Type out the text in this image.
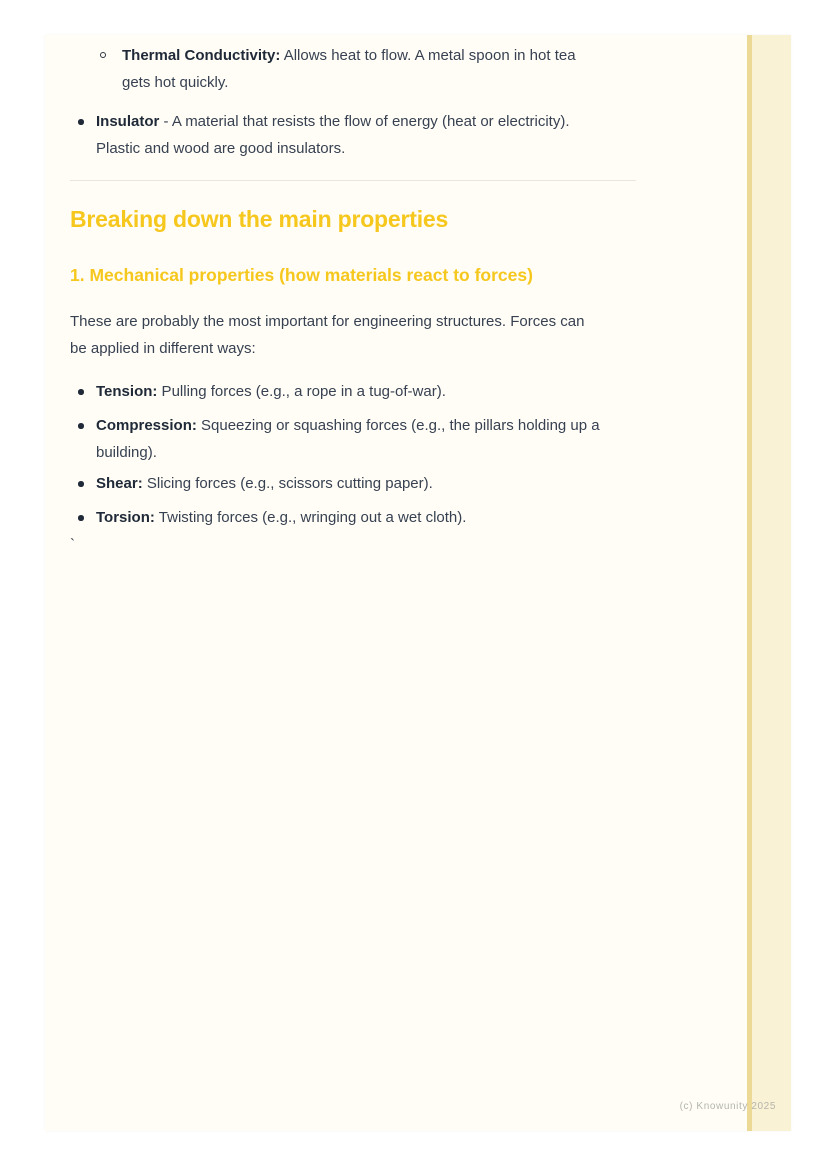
Thermal Conductivity: Allows heat to flow. A metal spoon in hot tea
gets hot quickly.
Insulator - A material that resists the flow of energy (heat or electricity).
Plastic and wood are good insulators.
Breaking down the main properties
1. Mechanical properties (how materials react to forces)
These are probably the most important for engineering structures. Forces can
be applied in different ways:
Tension: Pulling forces (e.g., a rope in a tug-of-war).
Compression: Squeezing or squashing forces (e.g., the pillars holding up a
building).
Shear: Slicing forces (e.g., scissors cutting paper).
Torsion: Twisting forces (e.g., wringing out a wet cloth).
`
(c) Knowunity 2025
